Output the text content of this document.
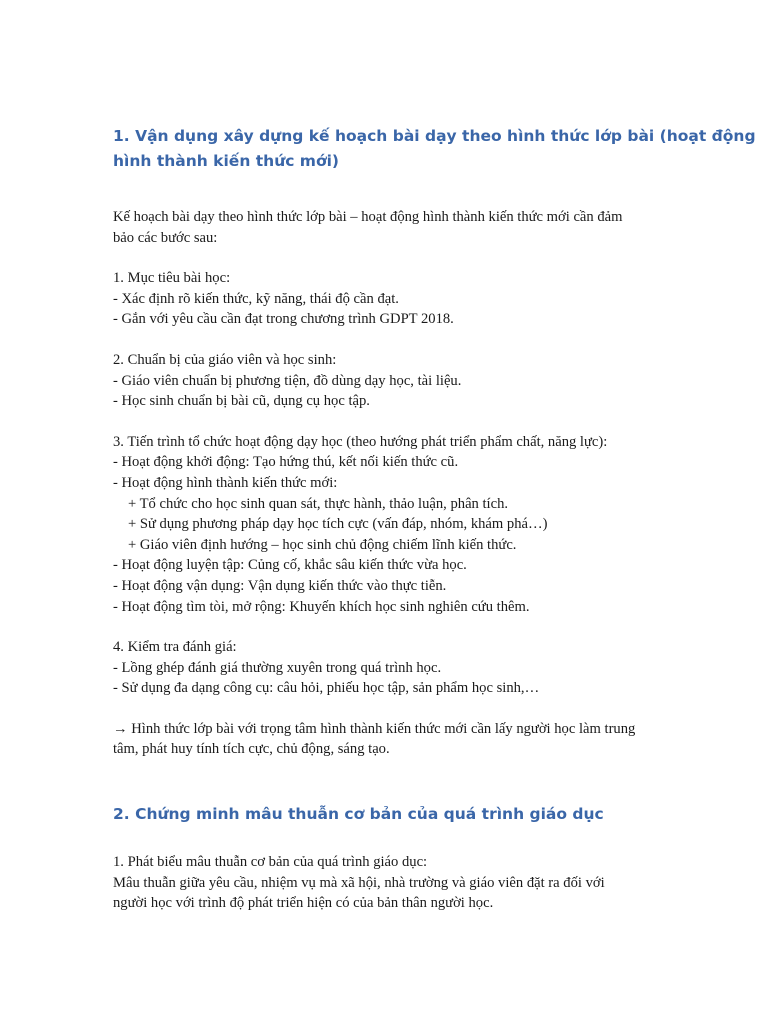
1. Vận dụng xây dựng kế hoạch bài dạy theo hình thức lớp bài (hoạt động
hình thành kiến thức mới)

Kế hoạch bài dạy theo hình thức lớp bài – hoạt động hình thành kiến thức mới cần đảm
bảo các bước sau:

1. Mục tiêu bài học:
- Xác định rõ kiến thức, kỹ năng, thái độ cần đạt.
- Gắn với yêu cầu cần đạt trong chương trình GDPT 2018.

2. Chuẩn bị của giáo viên và học sinh:
- Giáo viên chuẩn bị phương tiện, đồ dùng dạy học, tài liệu.
- Học sinh chuẩn bị bài cũ, dụng cụ học tập.

3. Tiến trình tổ chức hoạt động dạy học (theo hướng phát triển phẩm chất, năng lực):
- Hoạt động khởi động: Tạo hứng thú, kết nối kiến thức cũ.
- Hoạt động hình thành kiến thức mới:
+ Tổ chức cho học sinh quan sát, thực hành, thảo luận, phân tích.
+ Sử dụng phương pháp dạy học tích cực (vấn đáp, nhóm, khám phá…)
+ Giáo viên định hướng – học sinh chủ động chiếm lĩnh kiến thức.
- Hoạt động luyện tập: Củng cố, khắc sâu kiến thức vừa học.
- Hoạt động vận dụng: Vận dụng kiến thức vào thực tiễn.
- Hoạt động tìm tòi, mở rộng: Khuyến khích học sinh nghiên cứu thêm.

4. Kiểm tra đánh giá:
- Lồng ghép đánh giá thường xuyên trong quá trình học.
- Sử dụng đa dạng công cụ: câu hỏi, phiếu học tập, sản phẩm học sinh,…

→ Hình thức lớp bài với trọng tâm hình thành kiến thức mới cần lấy người học làm trung
tâm, phát huy tính tích cực, chủ động, sáng tạo.

2. Chứng minh mâu thuẫn cơ bản của quá trình giáo dục

1. Phát biểu mâu thuẫn cơ bản của quá trình giáo dục:
Mâu thuẫn giữa yêu cầu, nhiệm vụ mà xã hội, nhà trường và giáo viên đặt ra đối với
người học với trình độ phát triển hiện có của bản thân người học.
